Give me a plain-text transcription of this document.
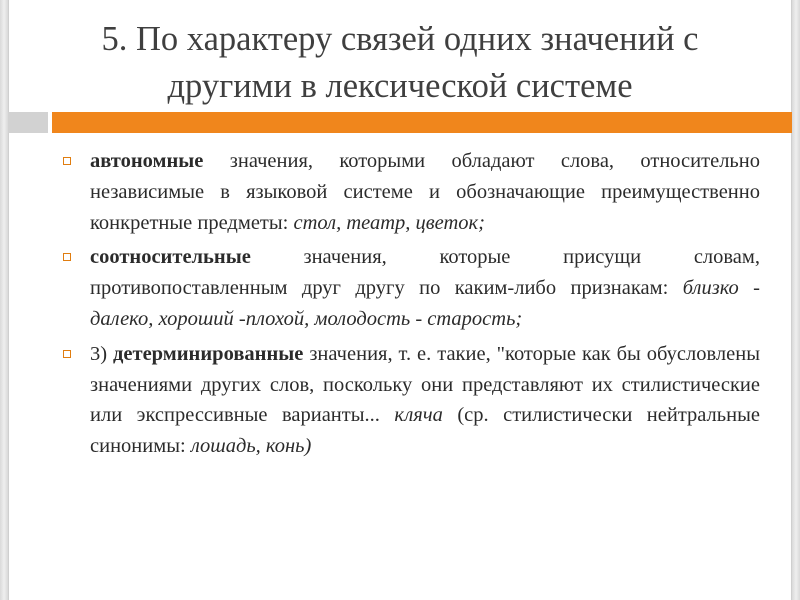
5. По характеру связей одних значений с
другими в лексической системе
автономные значения, которыми обладают слова, относительно независимые в языковой системе и обозначающие преимущественно конкретные предметы: стол, театр, цветок;
соотносительные значения, которые присущи словам, противопоставленным друг другу по каким-либо признакам: близко - далеко, хороший -плохой, молодость - старость;
3) детерминированные значения, т. е. такие, "которые как бы обусловлены значениями других слов, поскольку они представляют их стилистические или экспрессивные варианты... кляча (ср. стилистически нейтральные синонимы: лошадь, конь)
